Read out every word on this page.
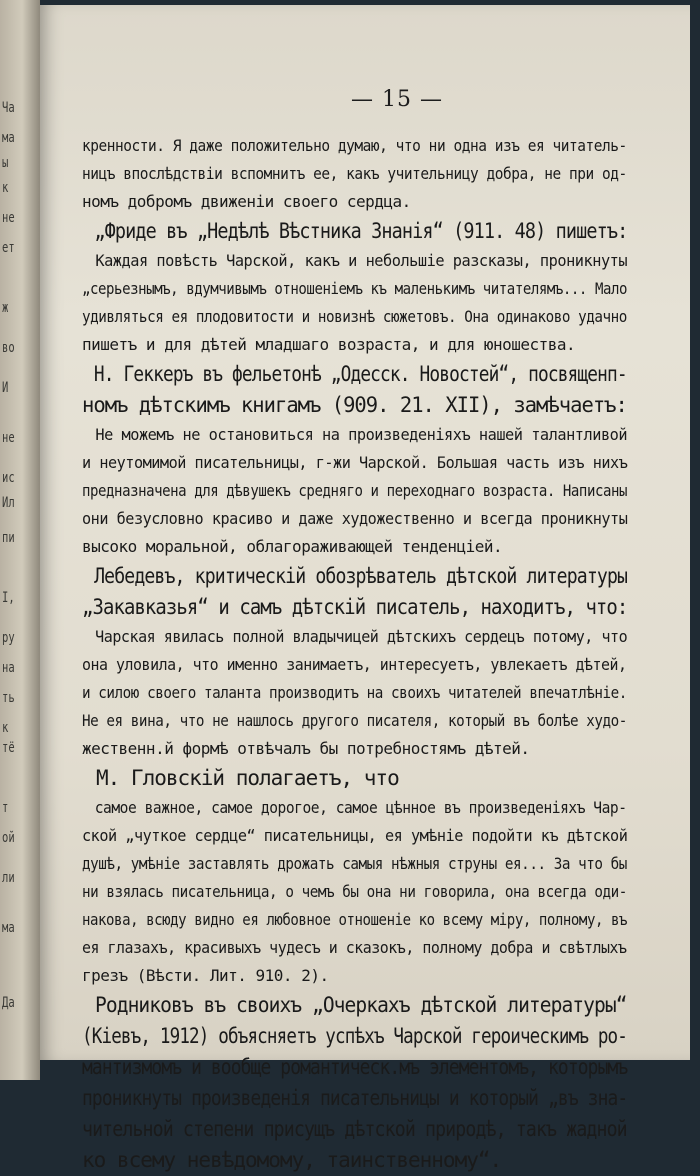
Ча
ма
ы
к
не
ет
ж
во
И
не
ис
Ил
пи
I,
ру
на
ть
к
тё
т
ой
ли
ма
Да
— 15 —
кренности. Я даже положительно думаю, что ни одна изъ ея читатель-
ницъ впослѣдствіи вспомнитъ ее, какъ учительницу добра, не при од-
номъ добромъ движеніи своего сердца.
„Фриде въ „Недѣлѣ Вѣстника Знанія“ (911. 48) пишетъ:
Каждая повѣсть Чарской, какъ и небольшіе разсказы, проникнуты
„серьезнымъ, вдумчивымъ отношеніемъ къ маленькимъ читателямъ... Мало
удивляться ея плодовитости и новизнѣ сюжетовъ. Она одинаково удачно
пишетъ и для дѣтей младшаго возраста, и для юношества.
Н. Геккеръ въ фельетонѣ „Одесск. Новостей“, посвященп-
номъ дѣтскимъ книгамъ (909. 21. XII), замѣчаетъ:
Не можемъ не остановиться на произведеніяхъ нашей талантливой
и неутомимой писательницы, г-жи Чарской. Большая часть изъ нихъ
предназначена для дѣвушекъ средняго и переходнаго возраста. Написаны
они безусловно красиво и даже художественно и всегда проникнуты
высоко моральной, облагораживающей тенденціей.
Лебедевъ, критическій обозрѣватель дѣтской литературы
„Закавказья“ и самъ дѣтскій писатель, находитъ, что:
Чарская явилась полной владычицей дѣтскихъ сердецъ потому, что
она уловила, что именно занимаетъ, интересуетъ, увлекаетъ дѣтей,
и силою своего таланта производитъ на своихъ читателей впечатлѣніе.
Не ея вина, что не нашлось другого писателя, который въ болѣе худо-
жественн.й формѣ отвѣчалъ бы потребностямъ дѣтей.
М. Гловскій полагаетъ, что
самое важное, самое дорогое, самое цѣнное въ произведеніяхъ Чар-
ской „чуткое сердце“ писательницы, ея умѣніе подойти къ дѣтской
душѣ, умѣніе заставлять дрожать самыя нѣжныя струны ея... За что бы
ни взялась писательница, о чемъ бы она ни говорила, она всегда оди-
накова, всюду видно ея любовное отношеніе ко всему міру, полному, въ
ея глазахъ, красивыхъ чудесъ и сказокъ, полному добра и свѣтлыхъ
грезъ (Вѣсти. Лит. 910. 2).
Родниковъ въ своихъ „Очеркахъ дѣтской литературы“
(Кіевъ, 1912) объясняетъ успѣхъ Чарской героическимъ ро-
мантизмомъ и вообще романтическ.мъ элементомъ, которымъ
проникнуты произведенія писательницы и который „въ зна-
чительной степени присущъ дѣтской природѣ, такъ жадной
ко всему невѣдомому, таинственному“.
